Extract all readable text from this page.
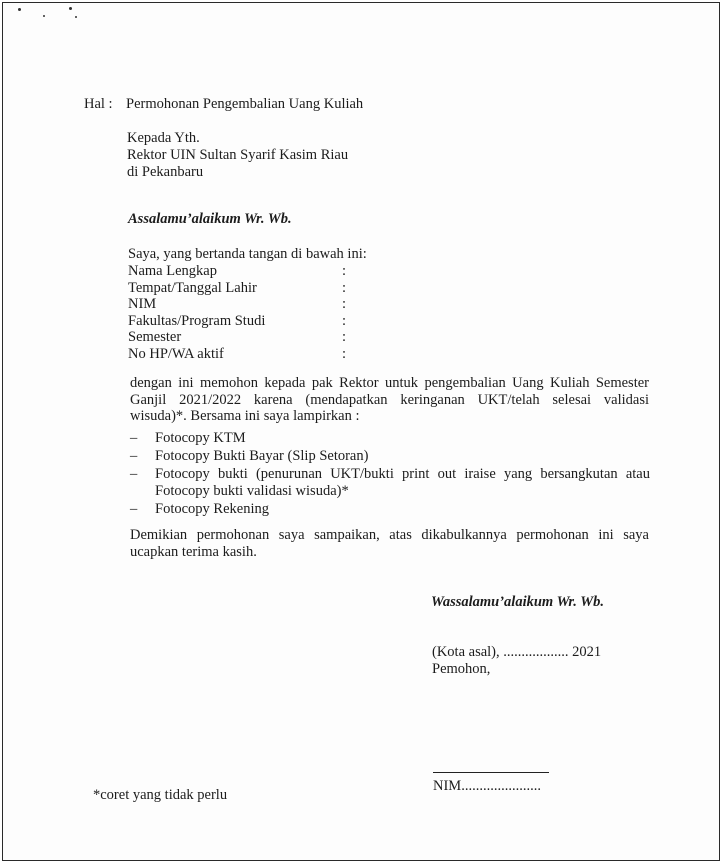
Hal : Permohonan Pengembalian Uang Kuliah
Kepada Yth.
Rektor UIN Sultan Syarif Kasim Riau
di Pekanbaru
Assalamu’alaikum Wr. Wb.
Saya, yang bertanda tangan di bawah ini:
Nama Lengkap	:
Tempat/Tanggal Lahir	:
NIM	:
Fakultas/Program Studi	:
Semester	:
No HP/WA aktif	:
dengan ini memohon kepada pak Rektor untuk pengembalian Uang Kuliah Semester
Ganjil 2021/2022 karena (mendapatkan keringanan UKT/telah selesai validasi
wisuda)*. Bersama ini saya lampirkan :
– Fotocopy KTM
– Fotocopy Bukti Bayar (Slip Setoran)
– Fotocopy bukti (penurunan UKT/bukti print out iraise yang bersangkutan atau
Fotocopy bukti validasi wisuda)*
– Fotocopy Rekening
Demikian permohonan saya sampaikan, atas dikabulkannya permohonan ini saya
ucapkan terima kasih.
Wassalamu’alaikum Wr. Wb.
(Kota asal), .................. 2021
Pemohon,
NIM......................
*coret yang tidak perlu
